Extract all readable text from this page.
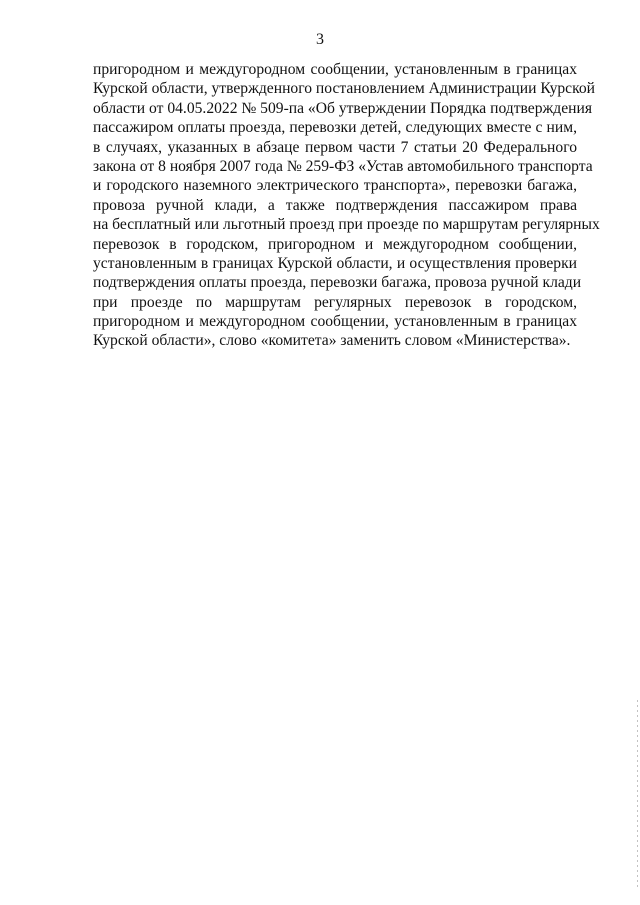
3
пригородном и междугородном сообщении, установленным в границах
Курской области, утвержденного постановлением Администрации Курской
области от 04.05.2022 № 509-па «Об утверждении Порядка подтверждения
пассажиром оплаты проезда, перевозки детей, следующих вместе с ним,
в случаях, указанных в абзаце первом части 7 статьи 20 Федерального
закона от 8 ноября 2007 года № 259-ФЗ «Устав автомобильного транспорта
и городского наземного электрического транспорта», перевозки багажа,
провоза ручной клади, а также подтверждения пассажиром права
на бесплатный или льготный проезд при проезде по маршрутам регулярных
перевозок в городском, пригородном и междугородном сообщении,
установленным в границах Курской области, и осуществления проверки
подтверждения оплаты проезда, перевозки багажа, провоза ручной клади
при проезде по маршрутам регулярных перевозок в городском,
пригородном и междугородном сообщении, установленным в границах
Курской области», слово «комитета» заменить словом «Министерства».
